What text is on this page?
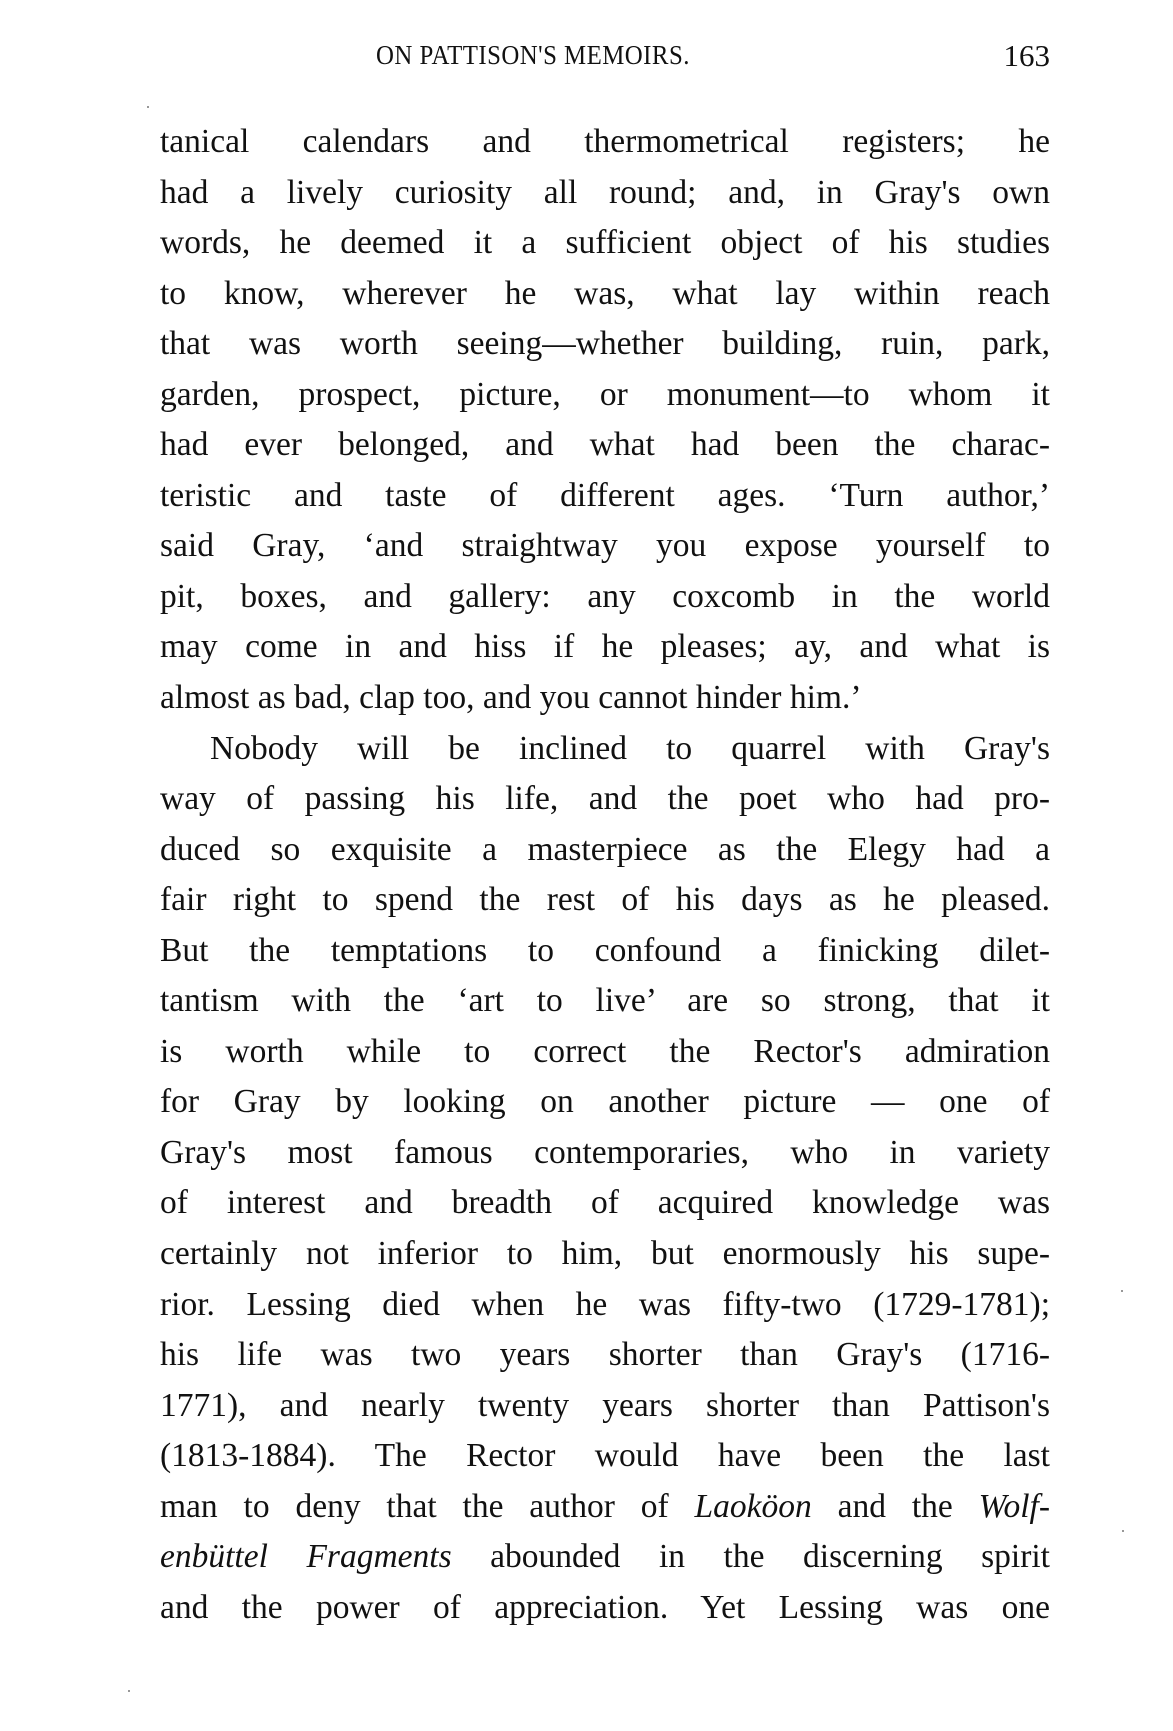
ON PATTISON'S MEMOIRS.	163
tanical calendars and thermometrical registers; he
had a lively curiosity all round; and, in Gray's own
words, he deemed it a sufficient object of his studies
to know, wherever he was, what lay within reach
that was worth seeing—whether building, ruin, park,
garden, prospect, picture, or monument—to whom it
had ever belonged, and what had been the charac-
teristic and taste of different ages. ‘Turn author,’
said Gray, ‘and straightway you expose yourself to
pit, boxes, and gallery: any coxcomb in the world
may come in and hiss if he pleases; ay, and what is
almost as bad, clap too, and you cannot hinder him.’
Nobody will be inclined to quarrel with Gray's
way of passing his life, and the poet who had pro-
duced so exquisite a masterpiece as the Elegy had a
fair right to spend the rest of his days as he pleased.
But the temptations to confound a finicking dilet-
tantism with the ‘art to live’ are so strong, that it
is worth while to correct the Rector's admiration
for Gray by looking on another picture — one of
Gray's most famous contemporaries, who in variety
of interest and breadth of acquired knowledge was
certainly not inferior to him, but enormously his supe-
rior. Lessing died when he was fifty-two (1729-1781);
his life was two years shorter than Gray's (1716-
1771), and nearly twenty years shorter than Pattison's
(1813-1884). The Rector would have been the last
man to deny that the author of Laoköon and the Wolf-
enbüttel Fragments abounded in the discerning spirit
and the power of appreciation. Yet Lessing was one
